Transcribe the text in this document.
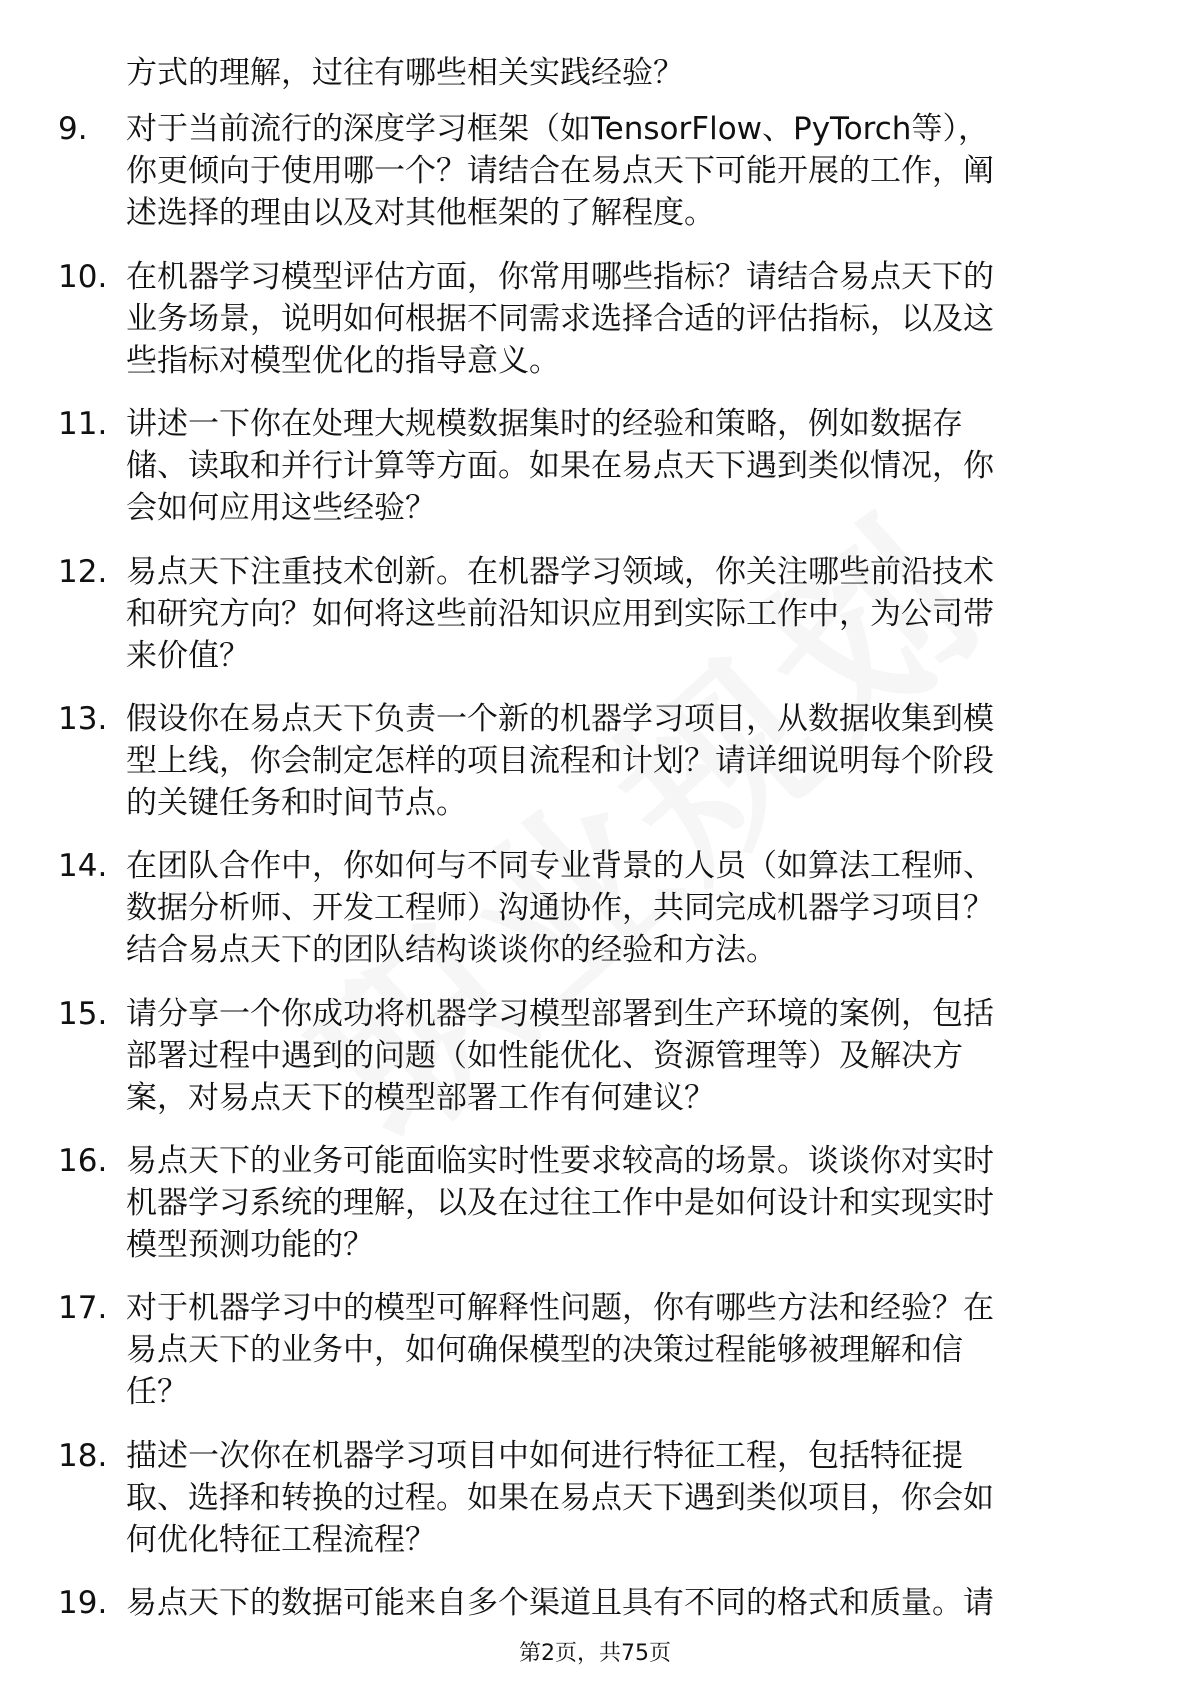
方式的理解，过往有哪些相关实践经验？
9.	对于当前流行的深度学习框架（如TensorFlow、PyTorch等），
你更倾向于使用哪一个？请结合在易点天下可能开展的工作，阐
述选择的理由以及对其他框架的了解程度。
10. 在机器学习模型评估方面，你常用哪些指标？请结合易点天下的
业务场景，说明如何根据不同需求选择合适的评估指标，以及这
些指标对模型优化的指导意义。
11. 讲述一下你在处理大规模数据集时的经验和策略，例如数据存
储、读取和并行计算等方面。如果在易点天下遇到类似情况，你
会如何应用这些经验？
12. 易点天下注重技术创新。在机器学习领域，你关注哪些前沿技术
和研究方向？如何将这些前沿知识应用到实际工作中，为公司带
来价值？
13. 假设你在易点天下负责一个新的机器学习项目，从数据收集到模
型上线，你会制定怎样的项目流程和计划？请详细说明每个阶段
的关键任务和时间节点。
14. 在团队合作中，你如何与不同专业背景的人员（如算法工程师、
数据分析师、开发工程师）沟通协作，共同完成机器学习项目？
结合易点天下的团队结构谈谈你的经验和方法。
15. 请分享一个你成功将机器学习模型部署到生产环境的案例，包括
部署过程中遇到的问题（如性能优化、资源管理等）及解决方
案，对易点天下的模型部署工作有何建议？
16. 易点天下的业务可能面临实时性要求较高的场景。谈谈你对实时
机器学习系统的理解，以及在过往工作中是如何设计和实现实时
模型预测功能的？
17. 对于机器学习中的模型可解释性问题，你有哪些方法和经验？在
易点天下的业务中，如何确保模型的决策过程能够被理解和信
任？
18. 描述一次你在机器学习项目中如何进行特征工程，包括特征提
取、选择和转换的过程。如果在易点天下遇到类似项目，你会如
何优化特征工程流程？
19. 易点天下的数据可能来自多个渠道且具有不同的格式和质量。请
第2页，共75页
